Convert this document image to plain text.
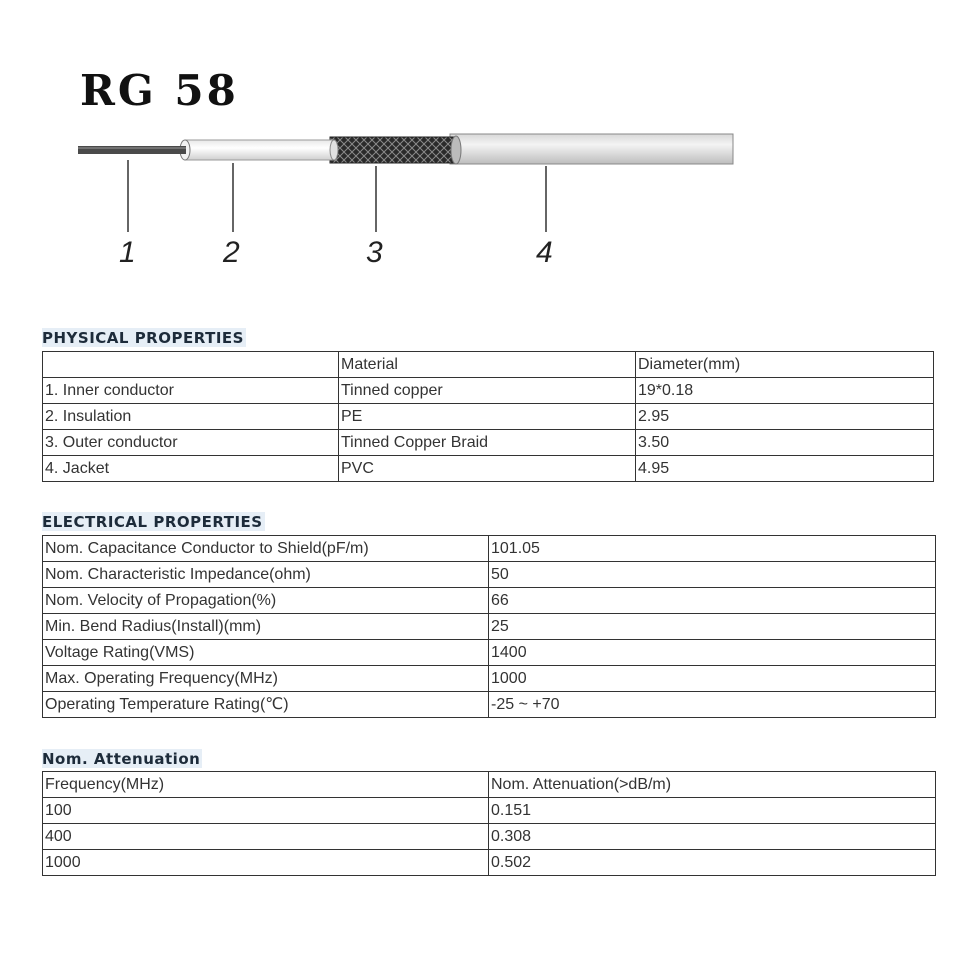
RG 58
1	2	3	4
PHYSICAL PROPERTIES
	Material	Diameter(mm)
1. Inner conductor	Tinned copper	19*0.18
2. Insulation	PE	2.95
3. Outer conductor	Tinned Copper Braid	3.50
4. Jacket	PVC	4.95
ELECTRICAL PROPERTIES
Nom. Capacitance Conductor to Shield(pF/m)	101.05
Nom. Characteristic Impedance(ohm)	50
Nom. Velocity of Propagation(%)	66
Min. Bend Radius(Install)(mm)	25
Voltage Rating(VMS)	1400
Max. Operating Frequency(MHz)	1000
Operating Temperature Rating(℃)	-25 ~ +70
Nom. Attenuation
Frequency(MHz)	Nom. Attenuation(>dB/m)
100	0.151
400	0.308
1000	0.502
